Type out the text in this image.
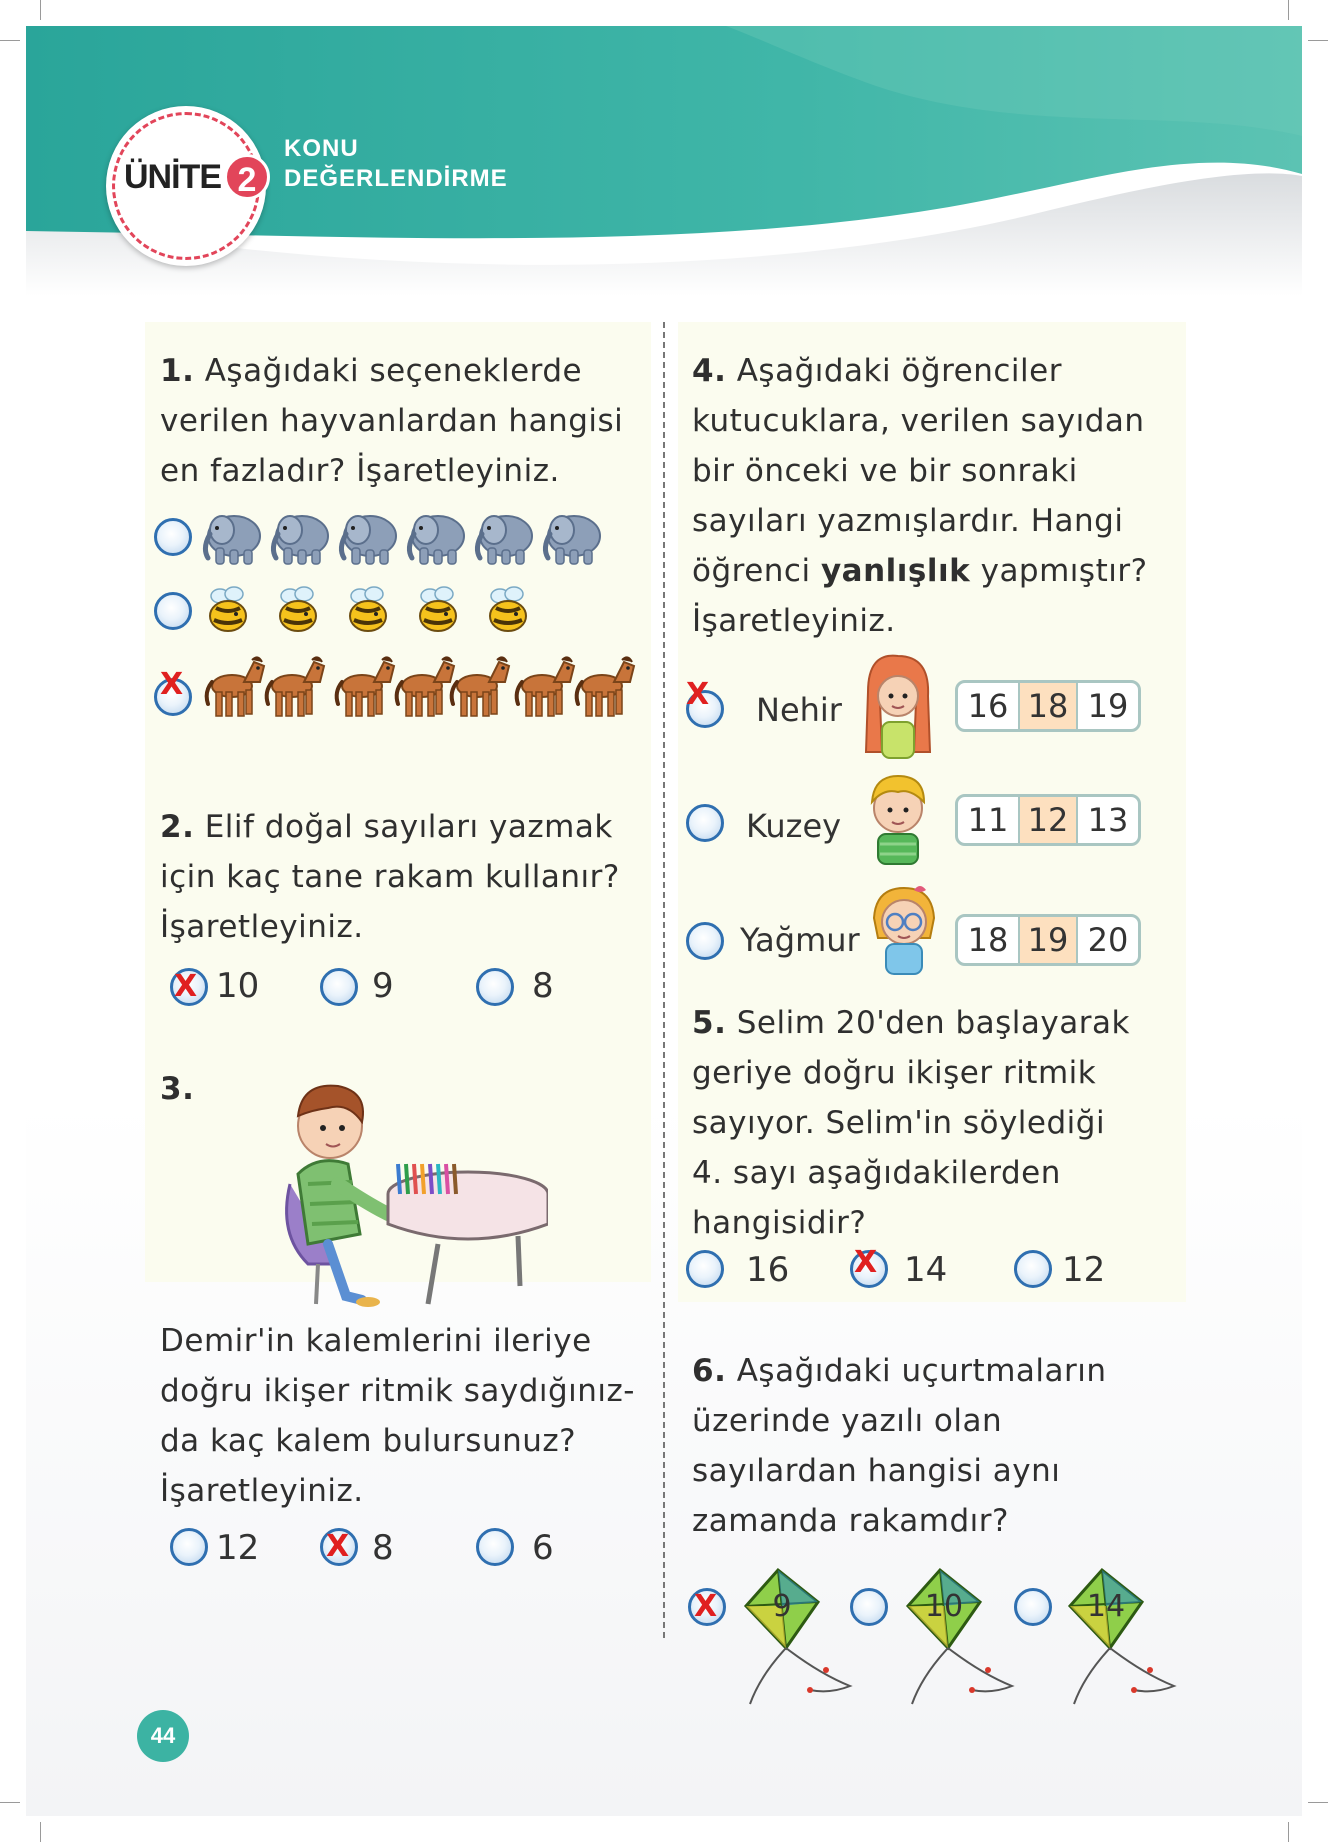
ÜNİTE 2
KONU
DEĞERLENDİRME
1. Aşağıdaki seçeneklerde
verilen hayvanlardan hangisi
en fazladır? İşaretleyiniz.
X
2. Elif doğal sayıları yazmak
için kaç tane rakam kullanır?
İşaretleyiniz.
X 10	9	8
3.
Demir'in kalemlerini ileriye
doğru ikişer ritmik saydığınız-
da kaç kalem bulursunuz?
İşaretleyiniz.
12 X 8	6
4. Aşağıdaki öğrenciler
kutucuklara, verilen sayıdan
bir önceki ve bir sonraki
sayıları yazmışlardır. Hangi
öğrenci yanlışlık yapmıştır?
İşaretleyiniz.
X Nehir	16 18 19
Kuzey	11 12 13
Yağmur	18 19 20
5. Selim 20'den başlayarak
geriye doğru ikişer ritmik
sayıyor. Selim'in söylediği
4. sayı aşağıdakilerden
hangisidir?
16 X 14	12
6. Aşağıdaki uçurtmaların
üzerinde yazılı olan
sayılardan hangisi aynı
zamanda rakamdır?
X 9	10	14
44
